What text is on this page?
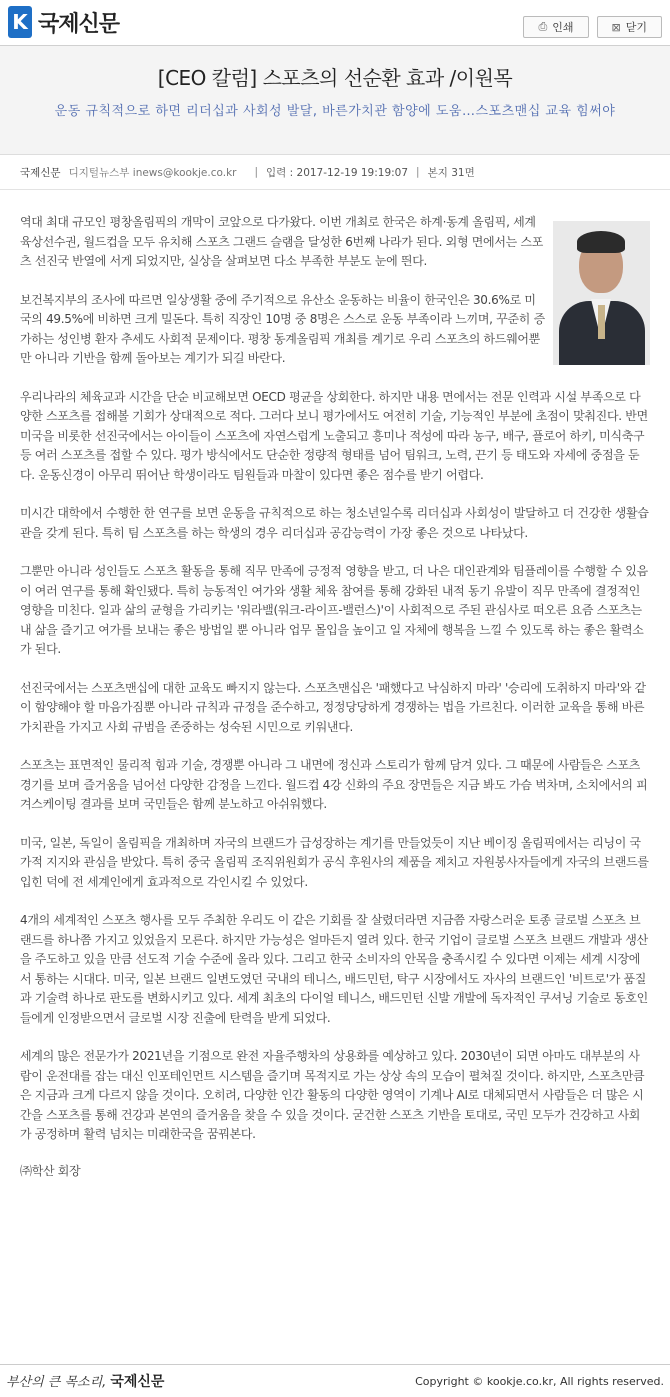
K 국제신문	⎙ 인쇄	⊠ 닫기
[CEO 칼럼] 스포츠의 선순환 효과 /이원목
운동 규칙적으로 하면 리더십과 사회성 발달, 바른가치관 함양에 도움…스포츠맨십 교육 힘써야
국제신문 디지털뉴스부 inews@kookje.co.kr | 입력 : 2017-12-19 19:19:07 | 본지 31면

역대 최대 규모인 평창올림픽의 개막이 코앞으로 다가왔다. 이번 개최로 한국은 하계·동계 올림픽, 세계육상선수권, 월드컵을 모두 유치해 스포츠 그랜드 슬램을 달성한 6번째 나라가 된다. 외형 면에서는 스포츠 선진국 반열에 서게 되었지만, 실상을 살펴보면 다소 부족한 부분도 눈에 띈다.

보건복지부의 조사에 따르면 일상생활 중에 주기적으로 유산소 운동하는 비율이 한국인은 30.6%로 미국의 49.5%에 비하면 크게 밀돈다. 특히 직장인 10명 중 8명은 스스로 운동 부족이라 느끼며, 꾸준히 증가하는 성인병 환자 추세도 사회적 문제이다. 평창 동계올림픽 개최를 계기로 우리 스포츠의 하드웨어뿐만 아니라 기반을 함께 돌아보는 계기가 되길 바란다.

우리나라의 체육교과 시간을 단순 비교해보면 OECD 평균을 상회한다. 하지만 내용 면에서는 전문 인력과 시설 부족으로 다양한 스포츠를 접해볼 기회가 상대적으로 적다. 그러다 보니 평가에서도 여전히 기술, 기능적인 부분에 초점이 맞춰진다. 반면 미국을 비롯한 선진국에서는 아이들이 스포츠에 자연스럽게 노출되고 흥미나 적성에 따라 농구, 배구, 플로어 하키, 미식축구 등 여러 스포츠를 접할 수 있다. 평가 방식에서도 단순한 정량적 형태를 넘어 팀워크, 노력, 끈기 등 태도와 자세에 중점을 둔다. 운동신경이 아무리 뛰어난 학생이라도 팀원들과 마찰이 있다면 좋은 점수를 받기 어렵다.

미시간 대학에서 수행한 한 연구를 보면 운동을 규칙적으로 하는 청소년일수록 리더십과 사회성이 발달하고 더 건강한 생활습관을 갖게 된다. 특히 팀 스포츠를 하는 학생의 경우 리더십과 공감능력이 가장 좋은 것으로 나타났다.

그뿐만 아니라 성인들도 스포츠 활동을 통해 직무 만족에 긍정적 영향을 받고, 더 나은 대인관계와 팀플레이를 수행할 수 있음이 여러 연구를 통해 확인됐다. 특히 능동적인 여가와 생활 체육 참여를 통해 강화된 내적 동기 유발이 직무 만족에 결정적인 영향을 미친다. 일과 삶의 균형을 가리키는 '워라밸(워크-라이프-밸런스)'이 사회적으로 주된 관심사로 떠오른 요즘 스포츠는 내 삶을 즐기고 여가를 보내는 좋은 방법일 뿐 아니라 업무 몰입을 높이고 일 자체에 행복을 느낄 수 있도록 하는 좋은 활력소가 된다.

선진국에서는 스포츠맨십에 대한 교육도 빠지지 않는다. 스포츠맨십은 '패했다고 낙심하지 마라' '승리에 도취하지 마라'와 같이 함양해야 할 마음가짐뿐 아니라 규칙과 규정을 준수하고, 정정당당하게 경쟁하는 법을 가르친다. 이러한 교육을 통해 바른 가치관을 가지고 사회 규범을 존중하는 성숙된 시민으로 키워낸다.

스포츠는 표면적인 물리적 힘과 기술, 경쟁뿐 아니라 그 내면에 정신과 스토리가 함께 담겨 있다. 그 때문에 사람들은 스포츠 경기를 보며 즐거움을 넘어선 다양한 감정을 느낀다. 월드컵 4강 신화의 주요 장면들은 지금 봐도 가슴 벅차며, 소치에서의 피겨스케이팅 결과를 보며 국민들은 함께 분노하고 아쉬워했다.

미국, 일본, 독일이 올림픽을 개최하며 자국의 브랜드가 급성장하는 계기를 만들었듯이 지난 베이징 올림픽에서는 리닝이 국가적 지지와 관심을 받았다. 특히 중국 올림픽 조직위원회가 공식 후원사의 제품을 제치고 자원봉사자들에게 자국의 브랜드를 입힌 덕에 전 세계인에게 효과적으로 각인시킬 수 있었다.

4개의 세계적인 스포츠 행사를 모두 주최한 우리도 이 같은 기회를 잘 살렸더라면 지금쯤 자랑스러운 토종 글로벌 스포츠 브랜드를 하나쯤 가지고 있었을지 모른다. 하지만 가능성은 얼마든지 열려 있다. 한국 기업이 글로벌 스포츠 브랜드 개발과 생산을 주도하고 있을 만큼 선도적 기술 수준에 올라 있다. 그리고 한국 소비자의 안목을 충족시킬 수 있다면 이제는 세계 시장에서 통하는 시대다. 미국, 일본 브랜드 일변도였던 국내의 테니스, 배드민턴, 탁구 시장에서도 자사의 브랜드인 '비트로'가 품질과 기술력 하나로 판도를 변화시키고 있다. 세계 최초의 다이얼 테니스, 배드민턴 신발 개발에 독자적인 쿠셔닝 기술로 동호인들에게 인정받으면서 글로벌 시장 진출에 탄력을 받게 되었다.

세계의 많은 전문가가 2021년을 기점으로 완전 자율주행차의 상용화를 예상하고 있다. 2030년이 되면 아마도 대부분의 사람이 운전대를 잡는 대신 인포테인먼트 시스템을 즐기며 목적지로 가는 상상 속의 모습이 펼쳐질 것이다. 하지만, 스포츠만큼은 지금과 크게 다르지 않을 것이다. 오히려, 다양한 인간 활동의 다양한 영역이 기계나 AI로 대체되면서 사람들은 더 많은 시간을 스포츠를 통해 건강과 본연의 즐거움을 찾을 수 있을 것이다. 굳건한 스포츠 기반을 토대로, 국민 모두가 건강하고 사회가 공정하며 활력 넘치는 미래한국을 꿈꿔본다.

㈜학산 회장
부산의 큰 목소리, 국제신문	Copyright © kookje.co.kr, All rights reserved.
